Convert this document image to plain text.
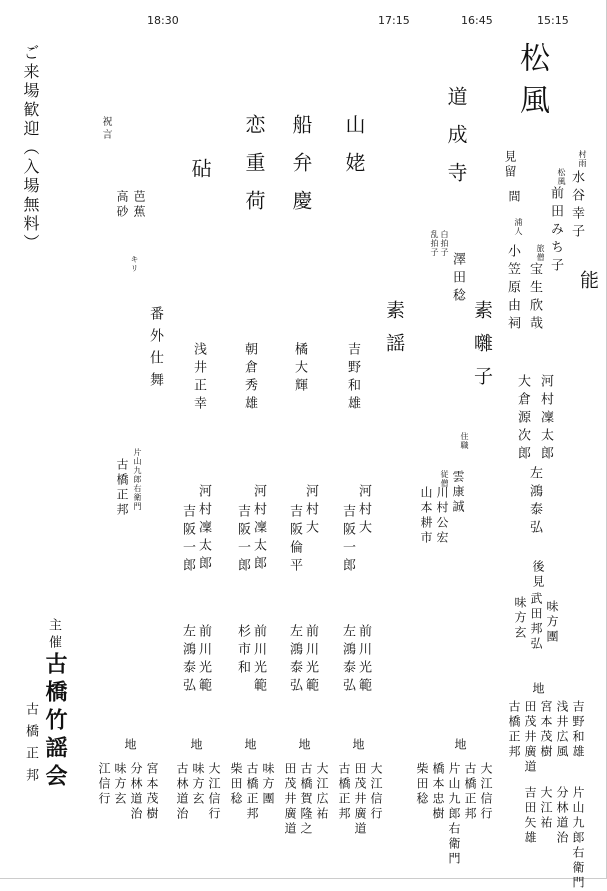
18:30	17:15	16:45	15:15
ご来場歓迎（入場無料）	松風
能
村雨
水谷幸子
松風
前田みち子
旅僧
宝生欣哉
浦人
小笠原由祠
見留
間
河村凜太郎
大倉源次郎
左鴻泰弘
後見
武田邦弘
味方玄 味方團
地
吉野和雄
浅井広風
宮本茂樹
田茂井廣道
古橋正邦
片山九郎右衛門
分林道治
大江祐
吉田矢雄
道成寺
素囃子
白拍子
乱拍子
澤田稔
住職
雲康誠
川村公宏
山本耕市
従僧
地
大江信行
古橋正邦
片山九郎右衛門
橋本忠樹
柴田稔
素謡
山姥
吉野和雄
河村大
吉阪一郎
前川光範
左鴻泰弘
地
大江信行
田茂井廣道
古橋正邦
船弁慶
橘大輝
河村大
吉阪倫平
前川光範
左鴻泰弘
地
大江広祐
古橋賀隆之
田茂井廣道
恋重荷
朝倉秀雄
河村凜太郎
吉阪一郎
前川光範
杉市和
地
味方團
古橋正邦
柴田稔
砧
浅井正幸
河村凜太郎
吉阪一郎
前川光範
左鴻泰弘
地
大江信行
味方玄
古林道治
番外仕舞
祝言
高砂 芭蕉
キリ
片山九郎右衛門
古橋正邦
地
宮本茂樹
分林道治
味方玄
江信行
主催
古橋竹謡会
古橋正邦
